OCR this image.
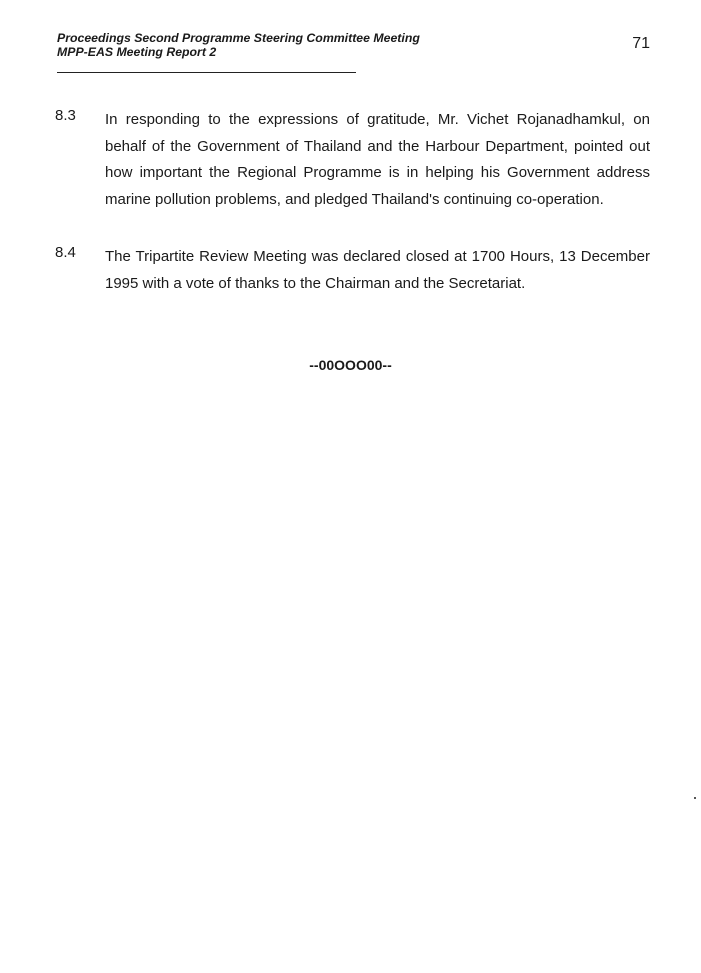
Proceedings Second Programme Steering Committee Meeting
MPP-EAS Meeting Report 2	71
8.3 In responding to the expressions of gratitude, Mr. Vichet Rojanadhamkul, on behalf of the Government of Thailand and the Harbour Department, pointed out how important the Regional Programme is in helping his Government address marine pollution problems, and pledged Thailand's continuing co-operation.
8.4 The Tripartite Review Meeting was declared closed at 1700 Hours, 13 December 1995 with a vote of thanks to the Chairman and the Secretariat.
--00OOO00--
